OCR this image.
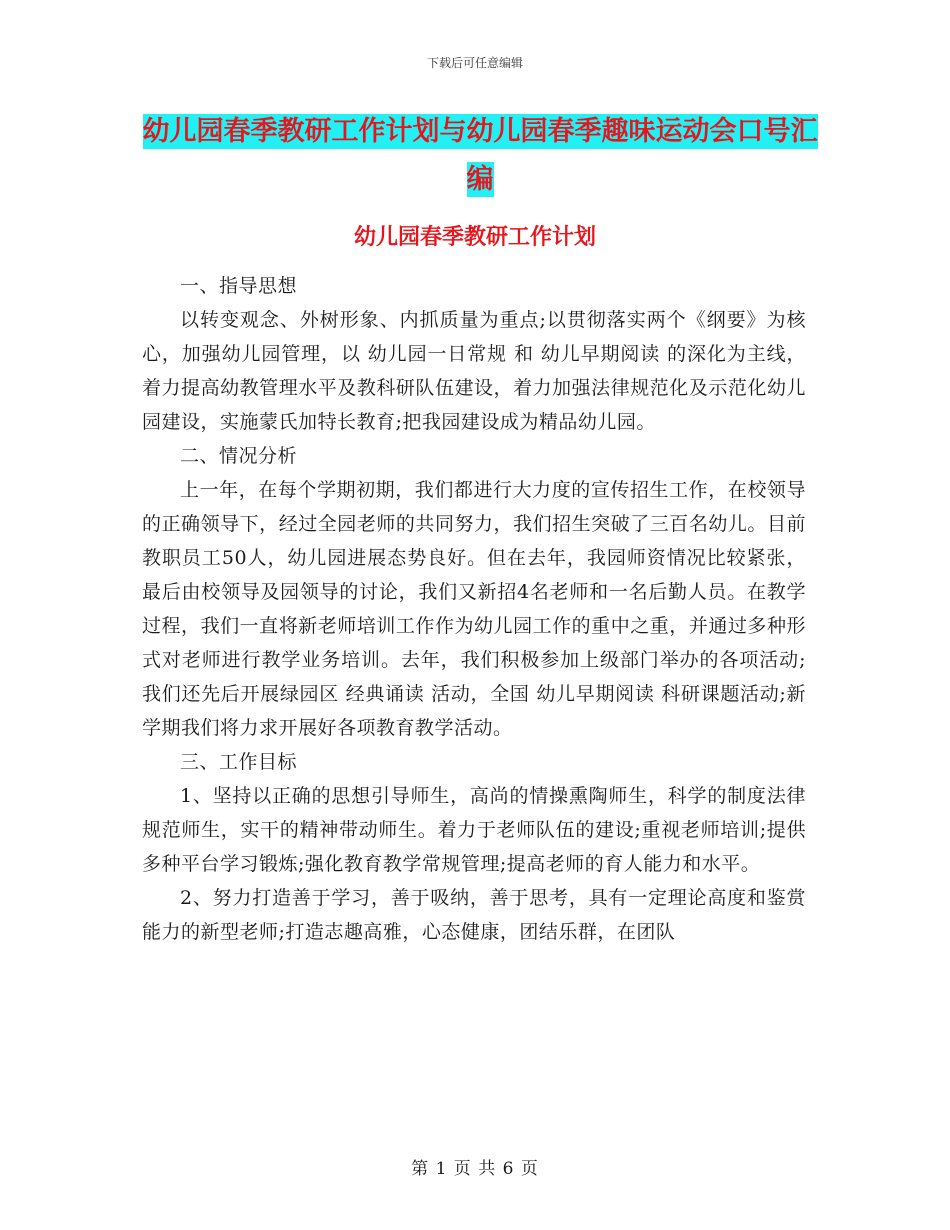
下载后可任意编辑
幼儿园春季教研工作计划与幼儿园春季趣味运动会口号汇编
幼儿园春季教研工作计划

一、指导思想

以转变观念、外树形象、内抓质量为重点;以贯彻落实两个《纲要》为核心，加强幼儿园管理，以 幼儿园一日常规 和 幼儿早期阅读 的深化为主线，着力提高幼教管理水平及教科研队伍建设，着力加强法律规范化及示范化幼儿园建设，实施蒙氏加特长教育;把我园建设成为精品幼儿园。

二、情况分析

上一年，在每个学期初期，我们都进行大力度的宣传招生工作，在校领导的正确领导下，经过全园老师的共同努力，我们招生突破了三百名幼儿。目前教职员工50人，幼儿园进展态势良好。但在去年，我园师资情况比较紧张，最后由校领导及园领导的讨论，我们又新招4名老师和一名后勤人员。在教学过程，我们一直将新老师培训工作作为幼儿园工作的重中之重，并通过多种形式对老师进行教学业务培训。去年，我们积极参加上级部门举办的各项活动;我们还先后开展绿园区 经典诵读 活动，全国 幼儿早期阅读 科研课题活动;新学期我们将力求开展好各项教育教学活动。

三、工作目标

1、坚持以正确的思想引导师生，高尚的情操熏陶师生，科学的制度法律规范师生，实干的精神带动师生。着力于老师队伍的建设;重视老师培训;提供多种平台学习锻炼;强化教育教学常规管理;提高老师的育人能力和水平。

2、努力打造善于学习，善于吸纳，善于思考，具有一定理论高度和鉴赏能力的新型老师;打造志趣高雅，心态健康，团结乐群，在团队

第 1 页 共 6 页
